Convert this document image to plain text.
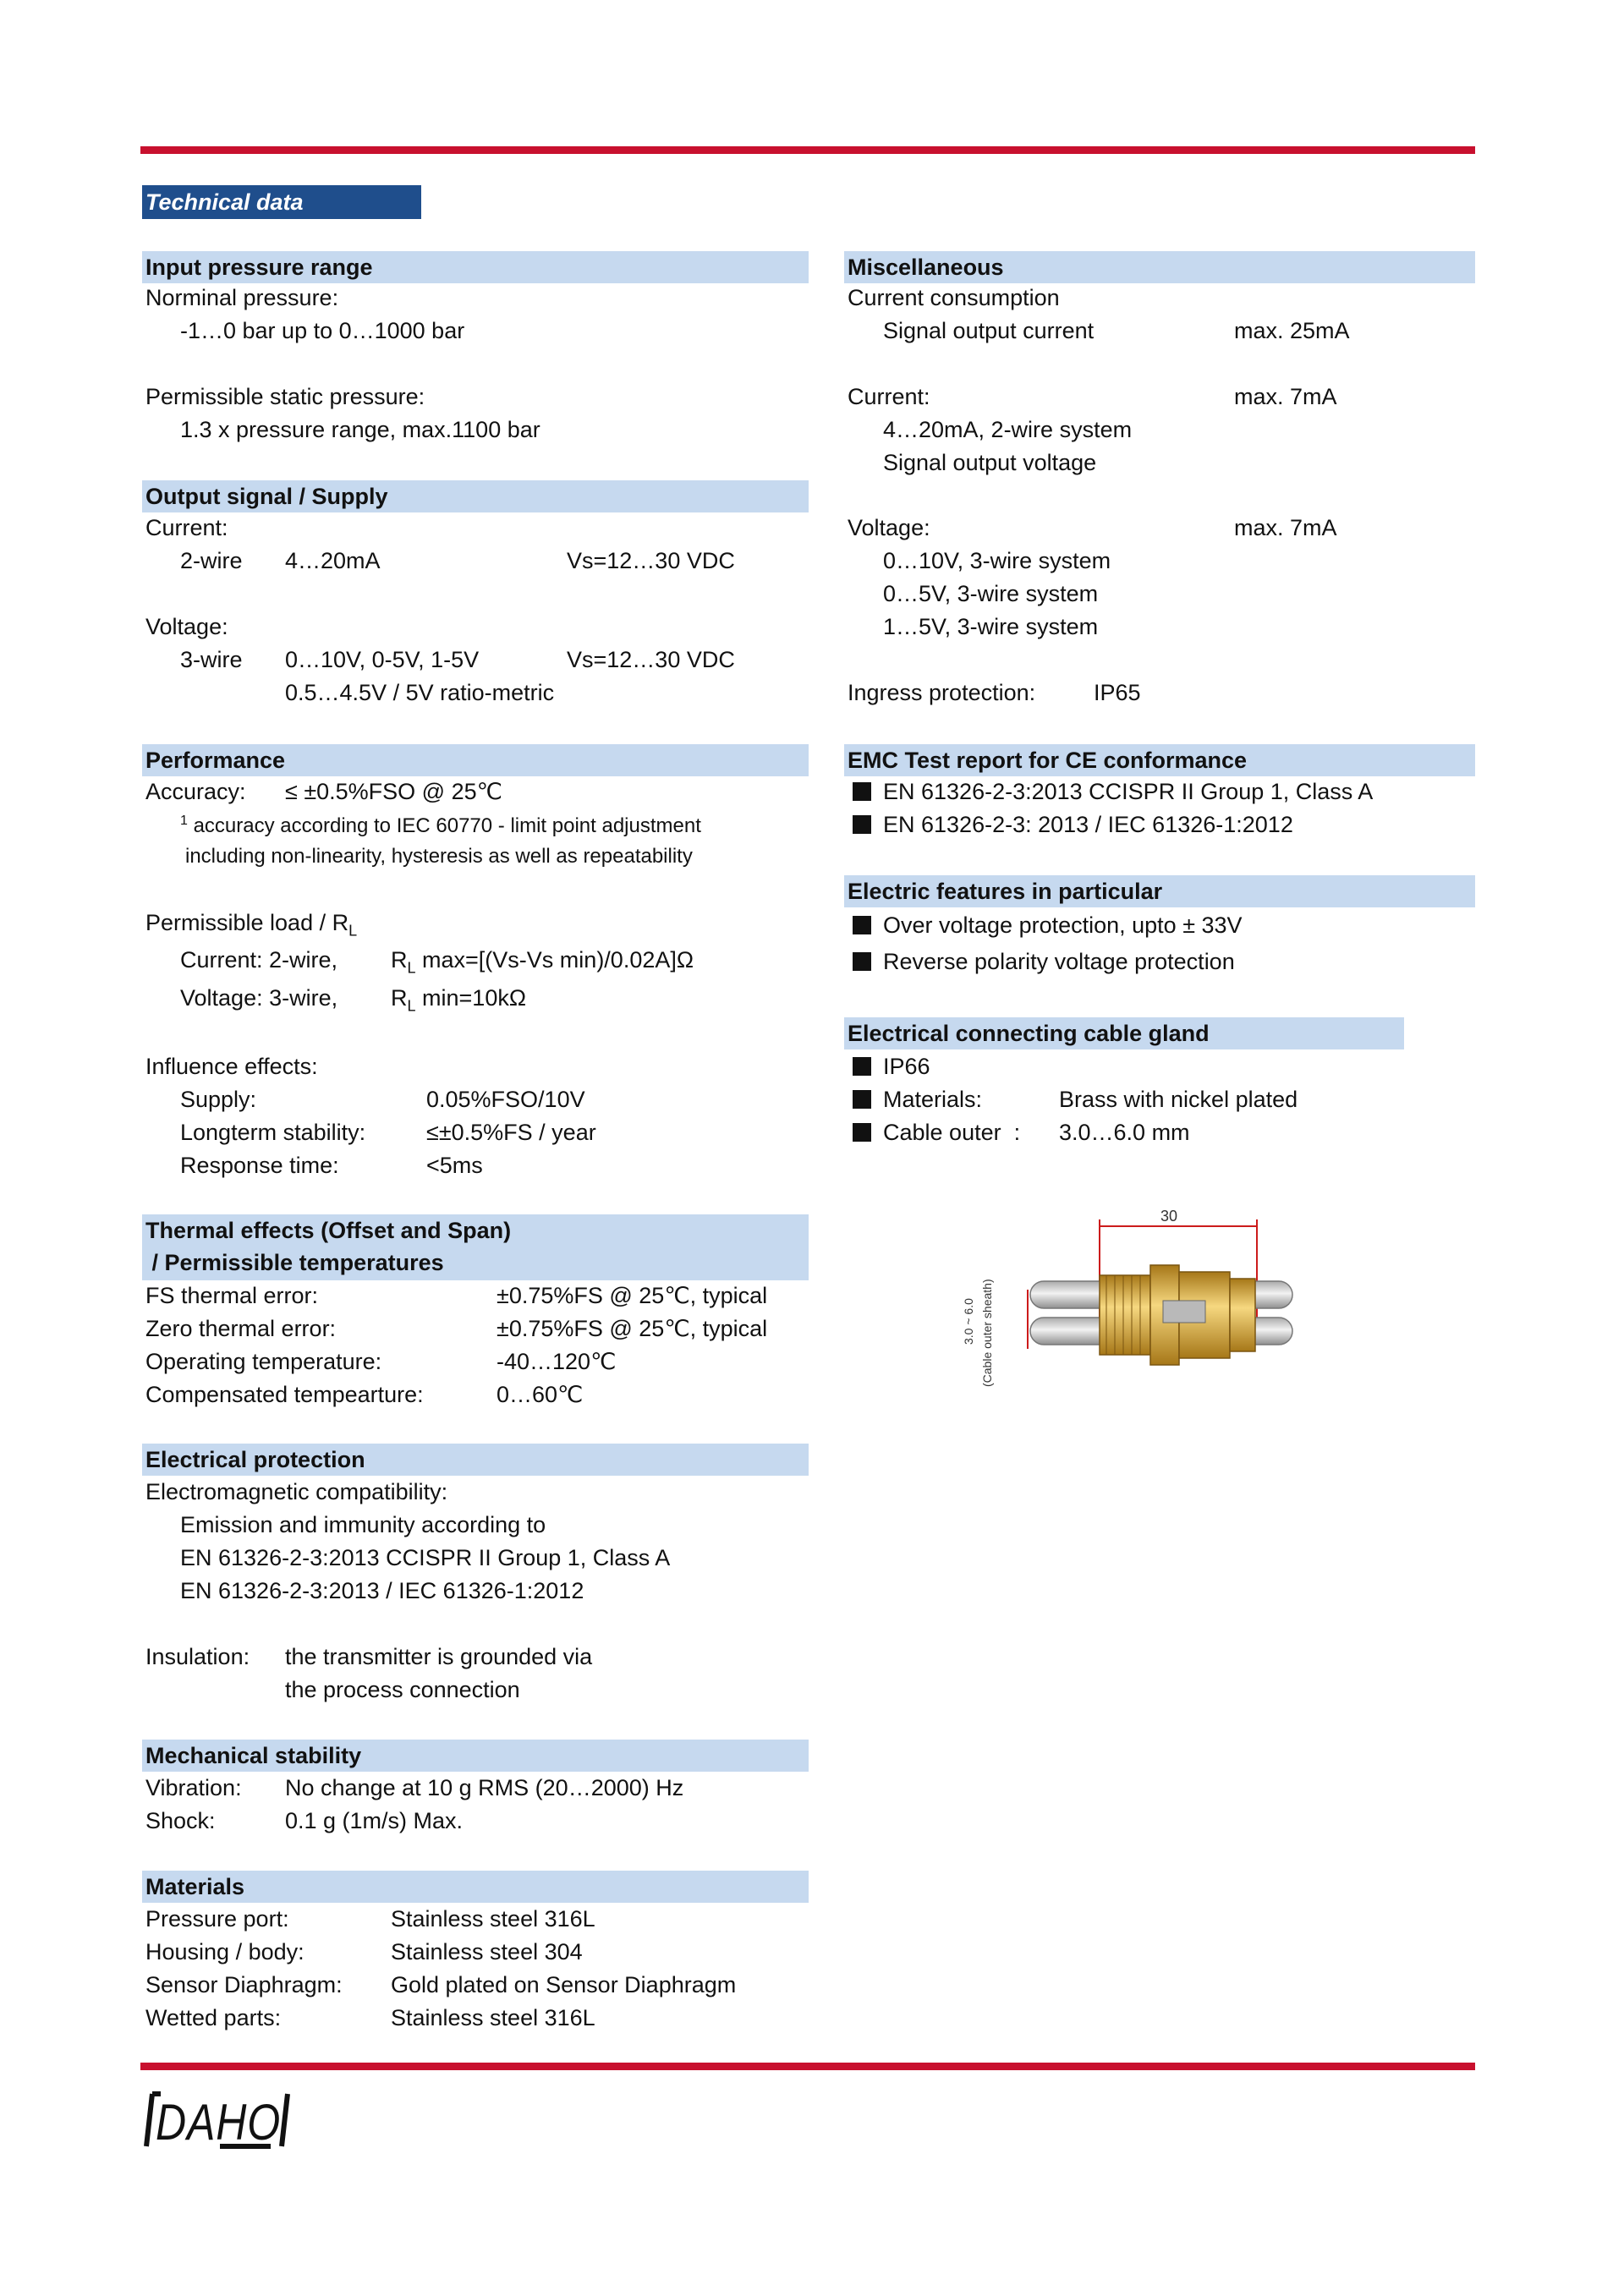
Technical data
Input pressure range
Norminal pressure:
-1…0 bar up to 0…1000 bar
Permissible static pressure:
1.3 x pressure range, max.1100 bar
Output signal / Supply
Current:
2-wire 4…20mA	Vs=12…30 VDC
Voltage:
3-wire 0…10V, 0-5V, 1-5V	Vs=12…30 VDC
0.5…4.5V / 5V ratio-metric
Performance
Accuracy: ≤ ±0.5%FSO @ 25℃
$^1$ accuracy according to IEC 60770 - limit point adjustment
including non-linearity, hysteresis as well as repeatability
Permissible load / $R_L$
Current: 2-wire, $R_L$ max=[(Vs-Vs min)/0.02A]Ω
Voltage: 3-wire, $R_L$ min=10kΩ
Influence effects:
Supply:	0.05%FSO/10V
Longterm stability:	≤±0.5%FS / year
Response time:	<5ms
Thermal effects (Offset and Span)
/ Permissible temperatures
FS thermal error:	±0.75%FS @ 25℃, typical
Zero thermal error:	±0.75%FS @ 25℃, typical
Operating temperature:	-40…120℃
Compensated tempearture:	0…60℃
Electrical protection
Electromagnetic compatibility:
Emission and immunity according to
EN 61326-2-3:2013 CCISPR II Group 1, Class A
EN 61326-2-3:2013 / IEC 61326-1:2012
Insulation: the transmitter is grounded via
the process connection
Mechanical stability
Vibration: No change at 10 g RMS (20…2000) Hz
Shock:	0.1 g (1m/s) Max.
Materials
Pressure port:	Stainless steel 316L
Housing / body:	Stainless steel 304
Sensor Diaphragm: Gold plated on Sensor Diaphragm
Wetted parts:	Stainless steel 316L
Miscellaneous
Current consumption
Signal output current	max. 25mA
Current:	max. 7mA
4…20mA, 2-wire system
Signal output voltage
Voltage:	max. 7mA
0…10V, 3-wire system
0…5V, 3-wire system
1…5V, 3-wire system
Ingress protection:	IP65
EMC Test report for CE conformance
EN 61326-2-3:2013 CCISPR II Group 1, Class A
EN 61326-2-3: 2013 / IEC 61326-1:2012
Electric features in particular
Over voltage protection, upto ± 33V
Reverse polarity voltage protection
Electrical connecting cable gland
IP66
Materials:	Brass with nickel plated
Cable outer  : 3.0…6.0 mm
30
3.0 ~ 6.0 (Cable outer sheath)
DAHO
